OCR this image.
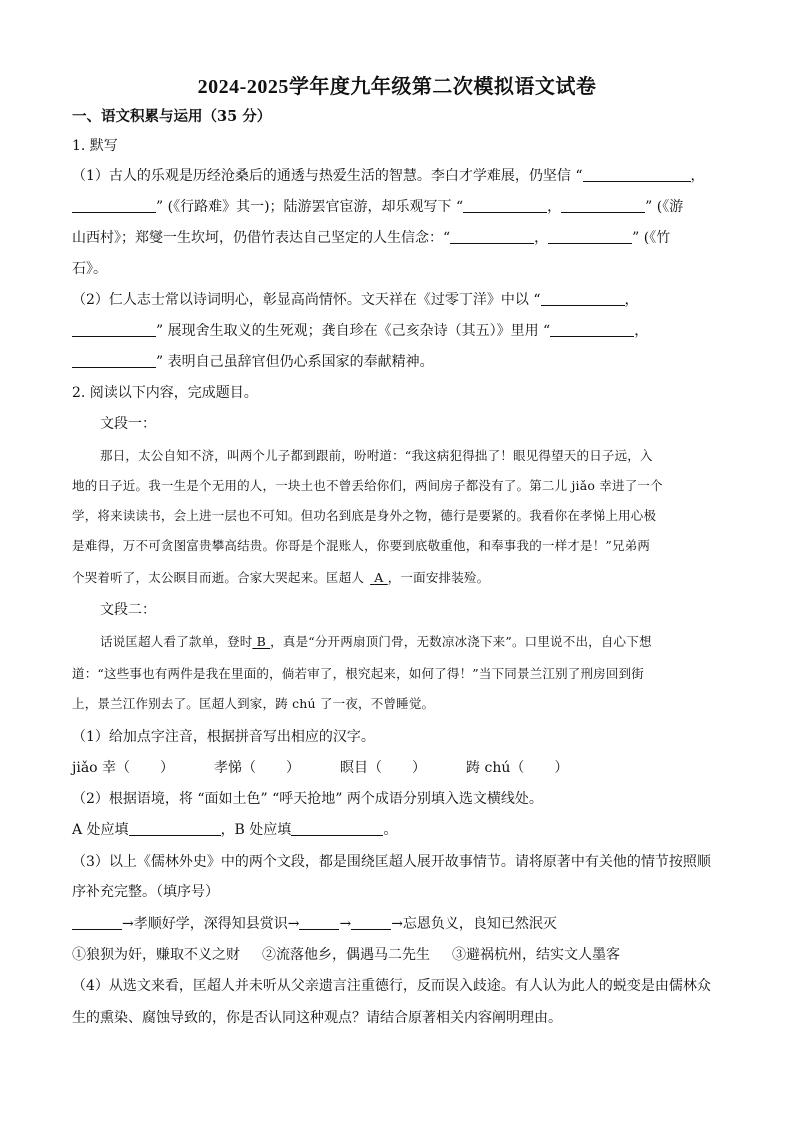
2024-2025学年度九年级第二次模拟语文试卷
一、语文积累与运用（35 分）
1. 默写
（1）古人的乐观是历经沧桑后的通透与热爱生活的智慧。李白才学难展，仍坚信 “	，
” (《行路难》其一)；陆游罢官宦游，却乐观写下 “	，	” (《游
山西村》；郑燮一生坎坷，仍借竹表达自己坚定的人生信念：“	，	” (《竹
石》。
（2）仁人志士常以诗词明心，彰显高尚情怀。文天祥在《过零丁洋》中以 “	，
” 展现舍生取义的生死观；龚自珍在《己亥杂诗（其五）》里用 “	，
” 表明自己虽辞官但仍心系国家的奉献精神。
2. 阅读以下内容，完成题目。
文段一：
那日，太公自知不济，叫两个儿子都到跟前，吩咐道：“我这病犯得拙了！眼见得望天的日子远，入
地的日子近。我一生是个无用的人，一块土也不曾丢给你们，两间房子都没有了。第二儿 jiǎo 幸进了一个
学，将来读读书，会上进一层也不可知。但功名到底是身外之物，德行是要紧的。我看你在孝悌上用心极
是难得，万不可贪图富贵攀高结贵。你哥是个混账人，你要到底敬重他，和奉事我的一样才是！”兄弟两
个哭着听了，太公瞑目而逝。合家大哭起来。匡超人 A ，一面安排装殓。
文段二：
话说匡超人看了款单，登时 B ，真是“分开两扇顶门骨，无数凉冰浇下来”。口里说不出，自心下想
道：“这些事也有两件是我在里面的，倘若审了，根究起来，如何了得！”当下同景兰江别了刑房回到街
上，景兰江作别去了。匡超人到家，踌 chú 了一夜，不曾睡觉。
（1）给加点字注音，根据拼音写出相应的汉字。
jiǎo 幸（ ）	孝悌（ ）	瞑目（ ）	踌 chú（ ）
（2）根据语境，将 “面如土色” “呼天抢地” 两个成语分别填入选文横线处。
A 处应填	，B 处应填	。
（3）以上《儒林外史》中的两个文段，都是围绕匡超人展开故事情节。请将原著中有关他的情节按照顺
序补充完整。（填序号）
→孝顺好学，深得知县赏识→	→	→忘恩负义，良知已然泯灭
①狼狈为奸，赚取不义之财 ②流落他乡，偶遇马二先生 ③避祸杭州，结实文人墨客
（4）从选文来看，匡超人并未听从父亲遗言注重德行，反而误入歧途。有人认为此人的蜕变是由儒林众
生的熏染、腐蚀导致的，你是否认同这种观点？请结合原著相关内容阐明理由。
